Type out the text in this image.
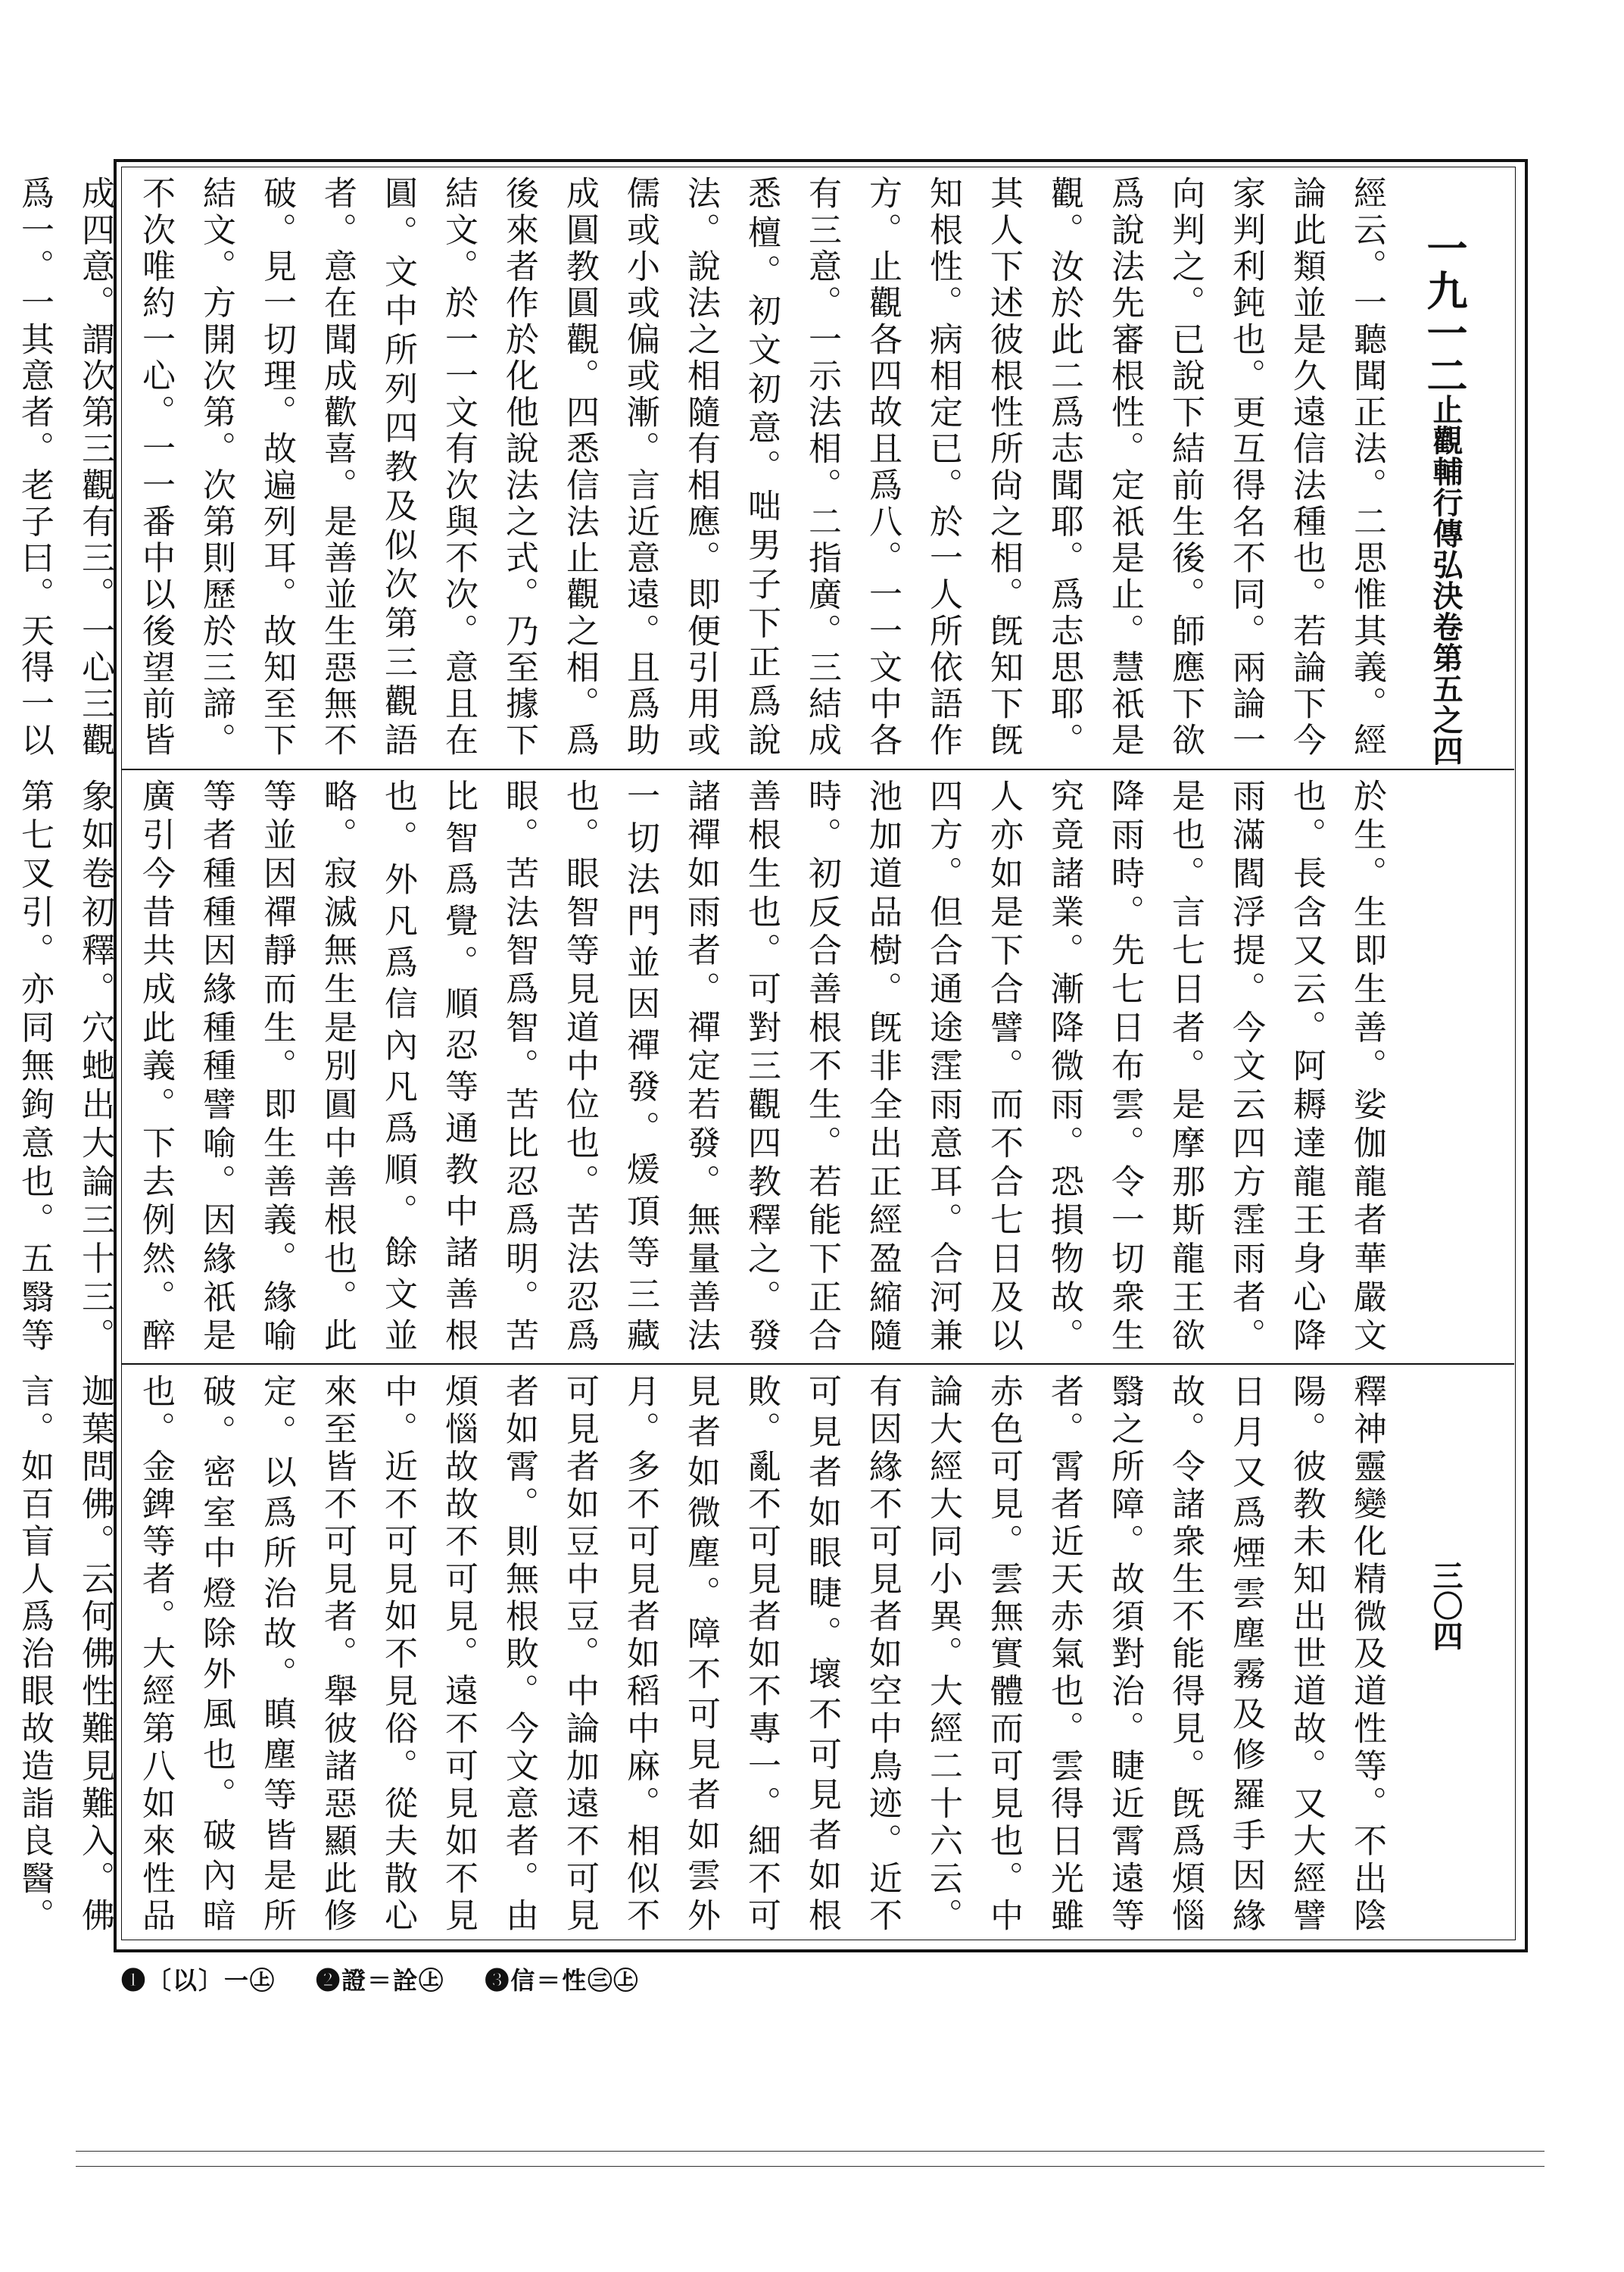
一九一二
止觀輔行傳弘決卷第五之四
三〇四

經云。一聽聞正法。二思惟其義。經論此類並是久遠信法種也。若論下今家判利鈍也。更互得名不同。兩論一向判之。已說下結前生後。師應下欲爲說法先審根性。定祇是止。慧祇是觀。汝於此二爲志聞耶。爲志思耶。其人下述彼根性所尙之相。旣知下旣知根性。病相定已。於一人所依語作方。止觀各四故且爲八。一一文中各有三意。一示法相。二指廣。三結成悉檀。初文初意。咄男子下正爲說法。說法之相隨有相應。即便引用或儒或小或偏或漸。言近意遠。且爲助成圓教圓觀。四悉信法止觀之相。爲後來者作於化他說法之式。乃至據下結文。於一一文有次與不次。意且在圓。文中所列四教及似次第三觀語者。意在聞成歡喜。是善並生惡無不破。見一切理。故遍列耳。故知至下結文。方開次第。次第則歷於三諦。不次唯約一心。一一番中以後望前皆成四意。謂次第三觀有三。一心三觀爲一。一其意者。老子曰。天得一以

於生。生即生善。娑伽龍者華嚴文也。長含又云。阿耨達龍王身心降雨滿閻浮提。今文云四方霔雨者。是也。言七日者。是摩那斯龍王欲降雨時。先七日布雲。令一切衆生究竟諸業。漸降微雨。恐損物故。人亦如是下合譬。而不合七日及以四方。但合通途霔雨意耳。合河兼池加道品樹。旣非全出正經盈縮隨時。初反合善根不生。若能下正合善根生也。可對三觀四教釋之。發諸禪如雨者。禪定若發。無量善法一切法門並因禪發。煖頂等三藏也。眼智等見道中位也。苦法忍爲眼。苦法智爲智。苦比忍爲明。苦比智爲覺。順忍等通教中諸善根也。外凡爲信內凡爲順。餘文並略。寂滅無生是別圓中善根也。此等並因禪靜而生。即生善義。緣喻等者種種因緣種種譬喻。因緣祇是廣引今昔共成此義。下去例然。醉象如卷初釋。穴虵出大論三十三。第七叉引。亦同無鉤意也。五翳等

釋神靈變化精微及道性等。不出陰陽。彼教未知出世道故。又大經譬日月又爲煙雲塵霧及修羅手因緣故。令諸衆生不能得見。旣爲煩惱翳之所障。故須對治。睫近霄遠等者。霄者近天赤氣也。雲得日光雖赤色可見。雲無實體而可見也。中論大經大同小異。大經二十六云。有因緣不可見者如空中鳥迹。近不可見者如眼睫。壞不可見者如根敗。亂不可見者如不專一。細不可見者如微塵。障不可見者如雲外月。多不可見者如稻中麻。相似不可見者如豆中豆。中論加遠不可見者如霄。則無根敗。今文意者。由煩惱故故不可見。遠不可見如不見中。近不可見如不見俗。從夫散心來至皆不可見者。舉彼諸惡顯此修定。以爲所治故。瞋塵等皆是所破。密室中燈除外風也。破內暗也。金錍等者。大經第八如來性品迦葉問佛。云何佛性難見難入。佛言。如百盲人爲治眼故造詣良醫。

❶〔以〕一㊤ ❷證＝詮㊤ ❸信＝性㊂㊤
